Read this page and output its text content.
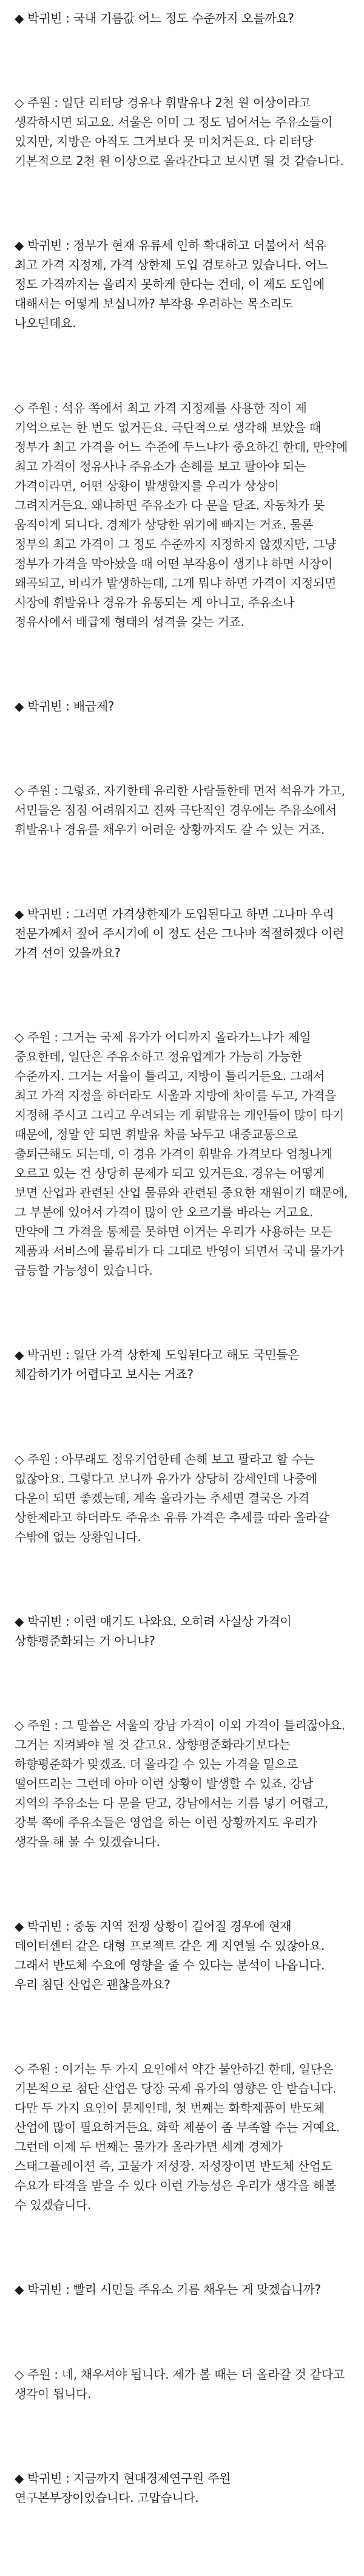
◆ 박귀빈 : 국내 기름값 어느 정도 수준까지 오를까요?

◇ 주원 : 일단 리터당 경유나 휘발유나 2천 원 이상이라고 생각하시면 되고요. 서울은 이미 그 정도 넘어서는 주유소들이 있지만, 지방은 아직도 그거보다 못 미치거든요. 다 리터당 기본적으로 2천 원 이상으로 올라간다고 보시면 될 것 같습니다.

◆ 박귀빈 : 정부가 현재 유류세 인하 확대하고 더불어서 석유 최고 가격 지정제, 가격 상한제 도입 검토하고 있습니다. 어느 정도 가격까지는 올리지 못하게 한다는 건데, 이 제도 도입에 대해서는 어떻게 보십니까? 부작용 우려하는 목소리도 나오던데요.

◇ 주원 : 석유 쪽에서 최고 가격 지정제를 사용한 적이 제 기억으로는 한 번도 없거든요. 극단적으로 생각해 보았을 때 정부가 최고 가격을 어느 수준에 두느냐가 중요하긴 한데, 만약에 최고 가격이 정유사나 주유소가 손해를 보고 팔아야 되는 가격이라면, 어떤 상황이 발생할지를 우리가 상상이 그려지거든요. 왜냐하면 주유소가 다 문을 닫죠. 자동차가 못 움직이게 되니다. 경제가 상당한 위기에 빠지는 거죠. 물론 정부의 최고 가격이 그 정도 수준까지 지정하지 않겠지만, 그냥 정부가 가격을 막아놨을 때 어떤 부작용이 생기냐 하면 시장이 왜곡되고, 비리가 발생하는데, 그게 뭐냐 하면 가격이 지정되면 시장에 휘발유나 경유가 유통되는 게 아니고, 주유소나 정유사에서 배급제 형태의 성격을 갖는 거죠.

◆ 박귀빈 : 배급제?

◇ 주원 : 그렇죠. 자기한테 유리한 사람들한테 먼저 석유가 가고, 서민들은 점점 어려워지고 진짜 극단적인 경우에는 주유소에서 휘발유나 경유를 채우기 어려운 상황까지도 갈 수 있는 거죠.

◆ 박귀빈 : 그러면 가격상한제가 도입된다고 하면 그나마 우리 전문가께서 짚어 주시기에 이 정도 선은 그나마 적절하겠다 이런 가격 선이 있을까요?

◇ 주원 : 그거는 국제 유가가 어디까지 올라가느냐가 제일 중요한데, 일단은 주유소하고 정유업계가 가능히 가능한 수준까지. 그거는 서울이 틀리고, 지방이 틀리거든요. 그래서 최고 가격 지정을 하더라도 서울과 지방에 차이를 두고, 가격을 지정해 주시고 그리고 우려되는 게 휘발유는 개인들이 많이 타기 때문에, 정말 안 되면 휘발유 차를 놔두고 대중교통으로 출퇴근해도 되는데, 이 경유 가격이 휘발유 가격보다 엄청나게 오르고 있는 건 상당히 문제가 되고 있거든요. 경유는 어떻게 보면 산업과 관련된 산업 물류와 관련된 중요한 재원이기 때문에, 그 부분에 있어서 가격이 많이 안 오르기를 바라는 거고요. 만약에 그 가격을 통제를 못하면 이거는 우리가 사용하는 모든 제품과 서비스에 물류비가 다 그대로 반영이 되면서 국내 물가가 급등할 가능성이 있습니다.

◆ 박귀빈 : 일단 가격 상한제 도입된다고 해도 국민들은 체감하기가 어렵다고 보시는 거죠?

◇ 주원 : 아무래도 정유기업한테 손해 보고 팔라고 할 수는 없잖아요. 그렇다고 보니까 유가가 상당히 강세인데 나중에 다운이 되면 좋겠는데, 계속 올라가는 추세면 결국은 가격 상한제라고 하더라도 주유소 유류 가격은 추세를 따라 올라갈 수밖에 없는 상황입니다.

◆ 박귀빈 : 이런 얘기도 나와요. 오히려 사실상 가격이 상향평준화되는 거 아니냐?

◇ 주원 : 그 말씀은 서울의 강남 가격이 이외 가격이 틀리잖아요. 그거는 지켜봐야 될 것 같고요. 상향평준화라기보다는 하향평준화가 맞겠죠. 더 올라갈 수 있는 가격을 밑으로 떨어뜨리는 그런데 아마 이런 상황이 발생할 수 있죠. 강남 지역의 주유소는 다 문을 닫고, 강남에서는 기름 넣기 어렵고, 강북 쪽에 주유소들은 영업을 하는 이런 상황까지도 우리가 생각을 해 볼 수 있겠습니다.

◆ 박귀빈 : 중동 지역 전쟁 상황이 길어질 경우에 현재 데이터센터 같은 대형 프로젝트 같은 게 지연될 수 있잖아요. 그래서 반도체 수요에 영향을 줄 수 있다는 분석이 나옵니다. 우리 첨단 산업은 괜찮을까요?

◇ 주원 : 이거는 두 가지 요인에서 약간 불안하긴 한데, 일단은 기본적으로 첨단 산업은 당장 국제 유가의 영향은 안 받습니다. 다만 두 가지 요인이 문제인데, 첫 번째는 화학제품이 반도체 산업에 많이 필요하거든요. 화학 제품이 좀 부족할 수는 거예요. 그런데 이제 두 번째는 물가가 올라가면 세계 경제가 스태그플레이션 즉, 고물가 저성장. 저성장이면 반도체 산업도 수요가 타격을 받을 수 있다 이런 가능성은 우리가 생각을 해볼 수 있겠습니다.

◆ 박귀빈 : 빨리 시민들 주유소 기름 채우는 게 맞겠습니까?

◇ 주원 : 네, 채우셔야 됩니다. 제가 볼 때는 더 올라갈 것 같다고 생각이 됩니다.

◆ 박귀빈 : 지금까지 현대경제연구원 주원 연구본부장이었습니다. 고맙습니다.
